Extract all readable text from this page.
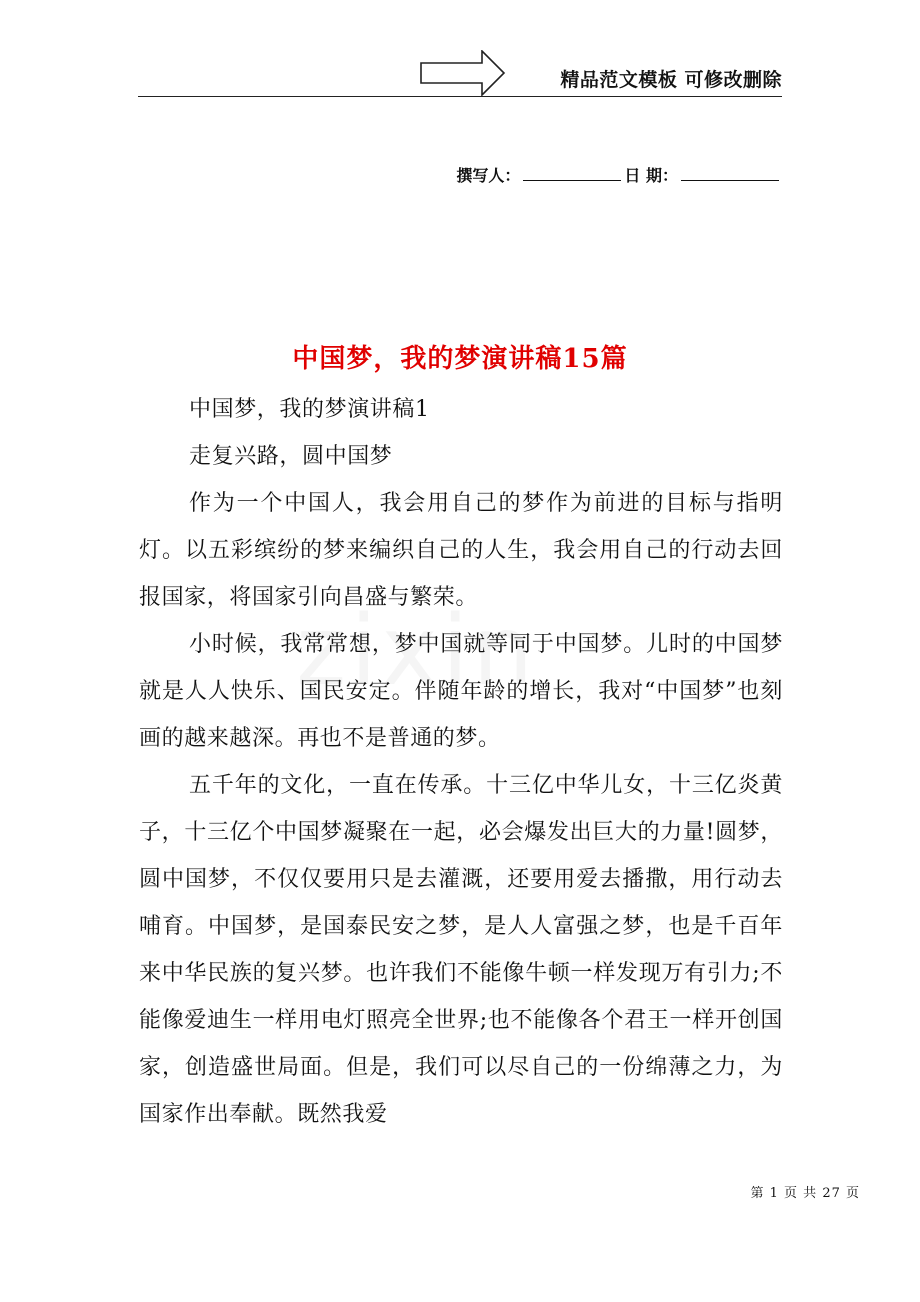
精品范文模板 可修改删除
撰写人：	日 期：
中国梦，我的梦演讲稿15篇

中国梦，我的梦演讲稿1

走复兴路，圆中国梦

作为一个中国人，我会用自己的梦作为前进的目标与指明灯。以五彩缤纷的梦来编织自己的人生，我会用自己的行动去回报国家，将国家引向昌盛与繁荣。

小时候，我常常想，梦中国就等同于中国梦。儿时的中国梦就是人人快乐、国民安定。伴随年龄的增长，我对“中国梦”也刻画的越来越深。再也不是普通的梦。

五千年的文化，一直在传承。十三亿中华儿女，十三亿炎黄子，十三亿个中国梦凝聚在一起，必会爆发出巨大的力量!圆梦，圆中国梦，不仅仅要用只是去灌溉，还要用爱去播撒，用行动去哺育。中国梦，是国泰民安之梦，是人人富强之梦，也是千百年来中华民族的复兴梦。也许我们不能像牛顿一样发现万有引力;不能像爱迪生一样用电灯照亮全世界;也不能像各个君王一样开创国家，创造盛世局面。但是，我们可以尽自己的一份绵薄之力，为国家作出奉献。既然我爱

第 1 页 共 27 页
